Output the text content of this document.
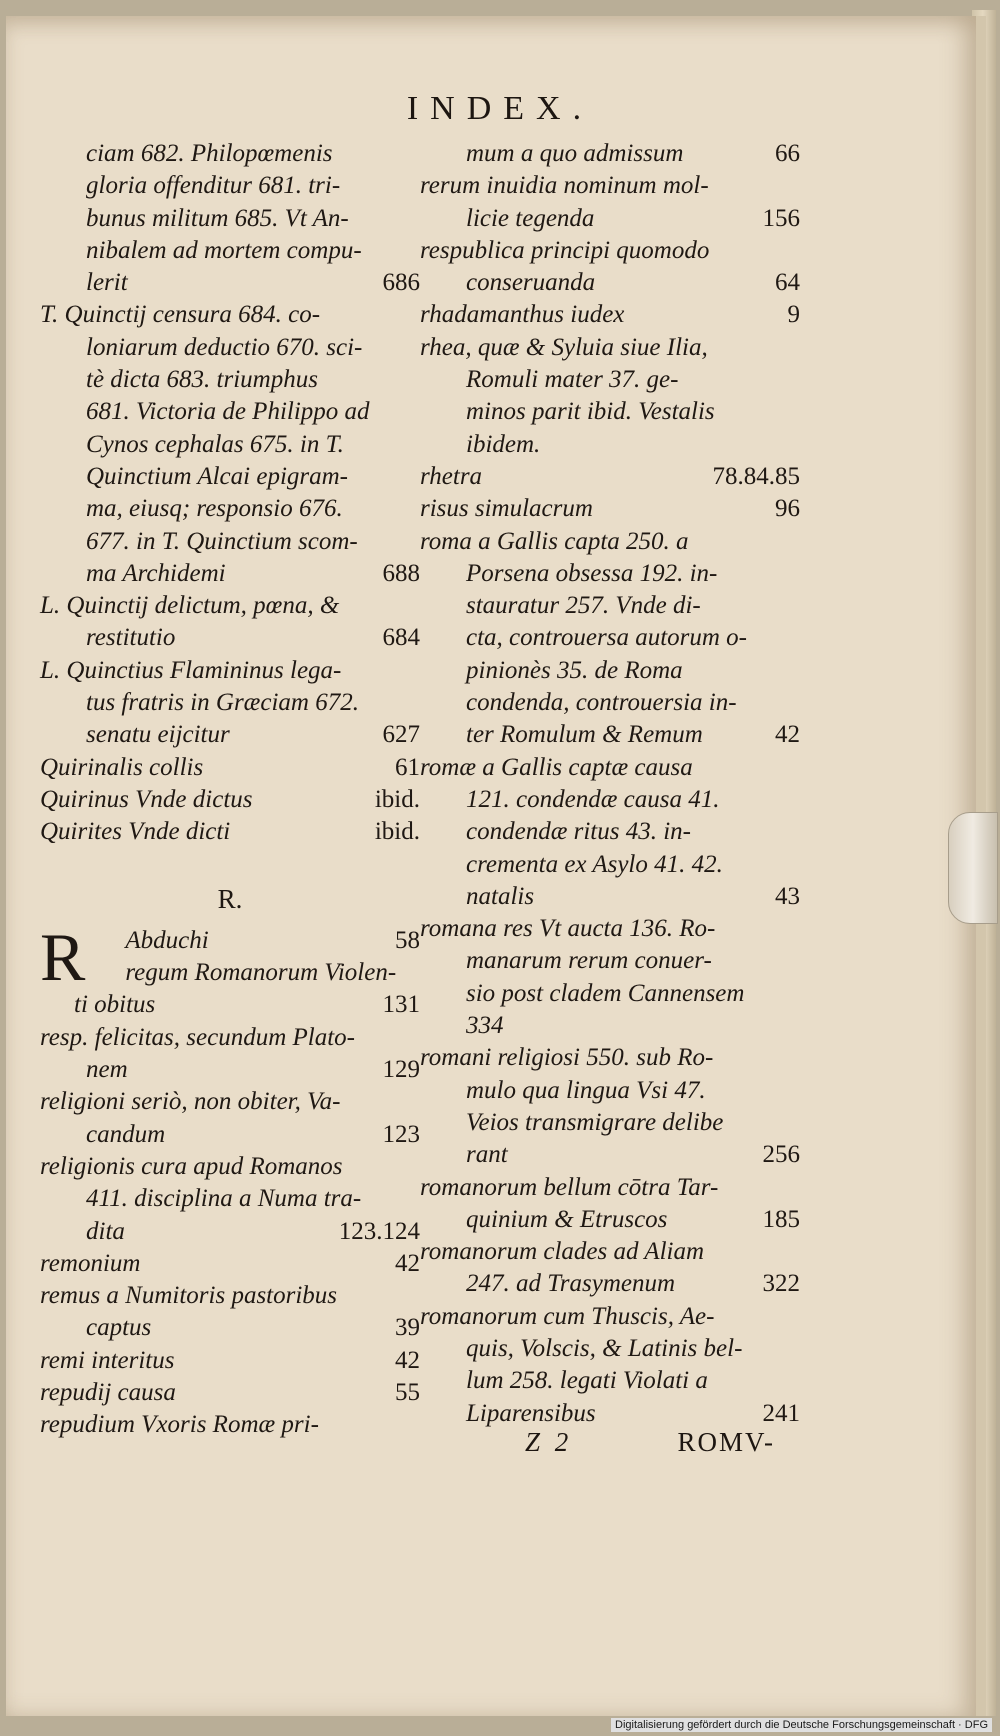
INDEX.
ciam 682. Philopœmenis
gloria offenditur 681. tri-
bunus militum 685. Vt An-
nibalem ad mortem compu-
lerit	686
T. Quinctij censura 684. co-
loniarum deductio 670. sci-
tè dicta 683. triumphus
681. Victoria de Philippo ad
Cynos cephalas 675. in T.
Quinctium Alcai epigram-
ma, eiusq; responsio 676.
677. in T. Quinctium scom-
ma Archidemi	688
L. Quinctij delictum, pœna, &
restitutio	684
L. Quinctius Flamininus lega-
tus fratris in Græciam 672.
senatu eijcitur	627
Quirinalis collis	61
Quirinus Vnde dictus	ibid.
Quirites Vnde dicti	ibid.
R.
R Abduchi	58
regum Romanorum Violen-
ti obitus	131
resp. felicitas, secundum Plato-
nem	129
religioni seriò, non obiter, Va-
candum	123
religionis cura apud Romanos
411. disciplina a Numa tra-
dita	123.124
remonium	42
remus a Numitoris pastoribus
captus	39
remi interitus	42
repudij causa	55
repudium Vxoris Romæ pri-
mum a quo admissum	66
rerum inuidia nominum mol-
licie tegenda	156
respublica principi quomodo
conseruanda	64
rhadamanthus iudex	9
rhea, quæ & Syluia siue Ilia,
Romuli mater 37. ge-
minos parit ibid. Vestalis
ibidem.
rhetra	78.84.85
risus simulacrum	96
roma a Gallis capta 250. a
Porsena obsessa 192. in-
stauratur 257. Vnde di-
cta, controuersa autorum o-
pinionès 35. de Roma
condenda, controuersia in-
ter Romulum & Remum	42
romæ a Gallis captæ causa
121. condendæ causa 41.
condendæ ritus 43. in-
crementa ex Asylo 41. 42.
natalis	43
romana res Vt aucta 136. Ro-
manarum rerum conuer-
sio post cladem Cannensem
334
romani religiosi 550. sub Ro-
mulo qua lingua Vsi 47.
Veios transmigrare delibe
rant	256
romanorum bellum cōtra Tar-
quinium & Etruscos	185
romanorum clades ad Aliam
247. ad Trasymenum	322
romanorum cum Thuscis, Ae-
quis, Volscis, & Latinis bel-
lum 258. legati Violati a
Liparensibus	241
Z 2	ROMV-
Digitalisierung gefördert durch die Deutsche Forschungsgemeinschaft · DFG
